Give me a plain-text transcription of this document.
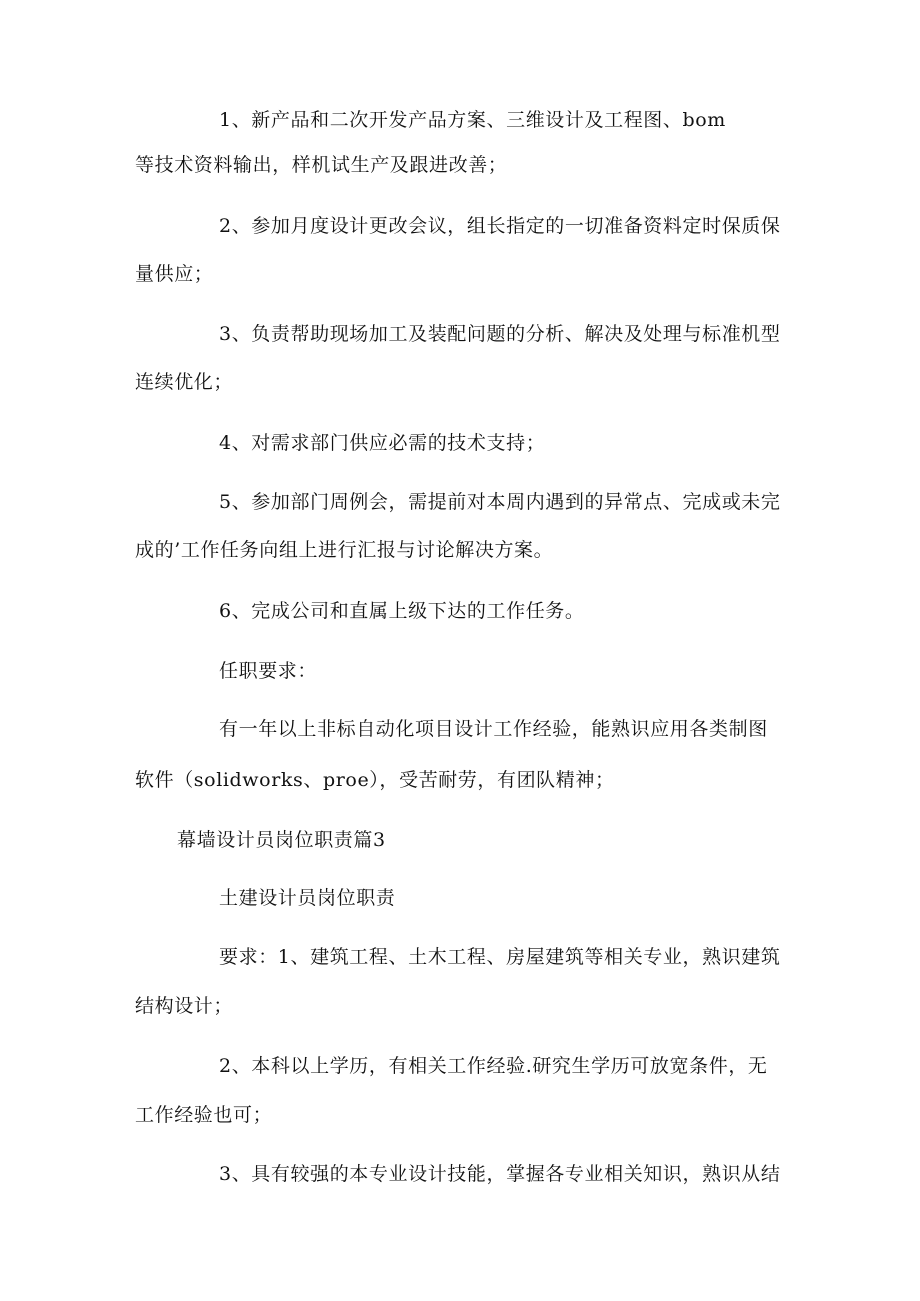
1、新产品和二次开发产品方案、三维设计及工程图、bom
等技术资料输出，样机试生产及跟进改善；
2、参加月度设计更改会议，组长指定的一切准备资料定时保质保
量供应；
3、负责帮助现场加工及装配问题的分析、解决及处理与标准机型
连续优化；
4、对需求部门供应必需的技术支持；
5、参加部门周例会，需提前对本周内遇到的异常点、完成或未完
成的’工作任务向组上进行汇报与讨论解决方案。
6、完成公司和直属上级下达的工作任务。
任职要求：
有一年以上非标自动化项目设计工作经验，能熟识应用各类制图
软件（solidworks、proe），受苦耐劳，有团队精神；
幕墙设计员岗位职责篇3
土建设计员岗位职责
要求：1、建筑工程、土木工程、房屋建筑等相关专业，熟识建筑
结构设计；
2、本科以上学历，有相关工作经验.研究生学历可放宽条件，无
工作经验也可；
3、具有较强的本专业设计技能，掌握各专业相关知识，熟识从结
